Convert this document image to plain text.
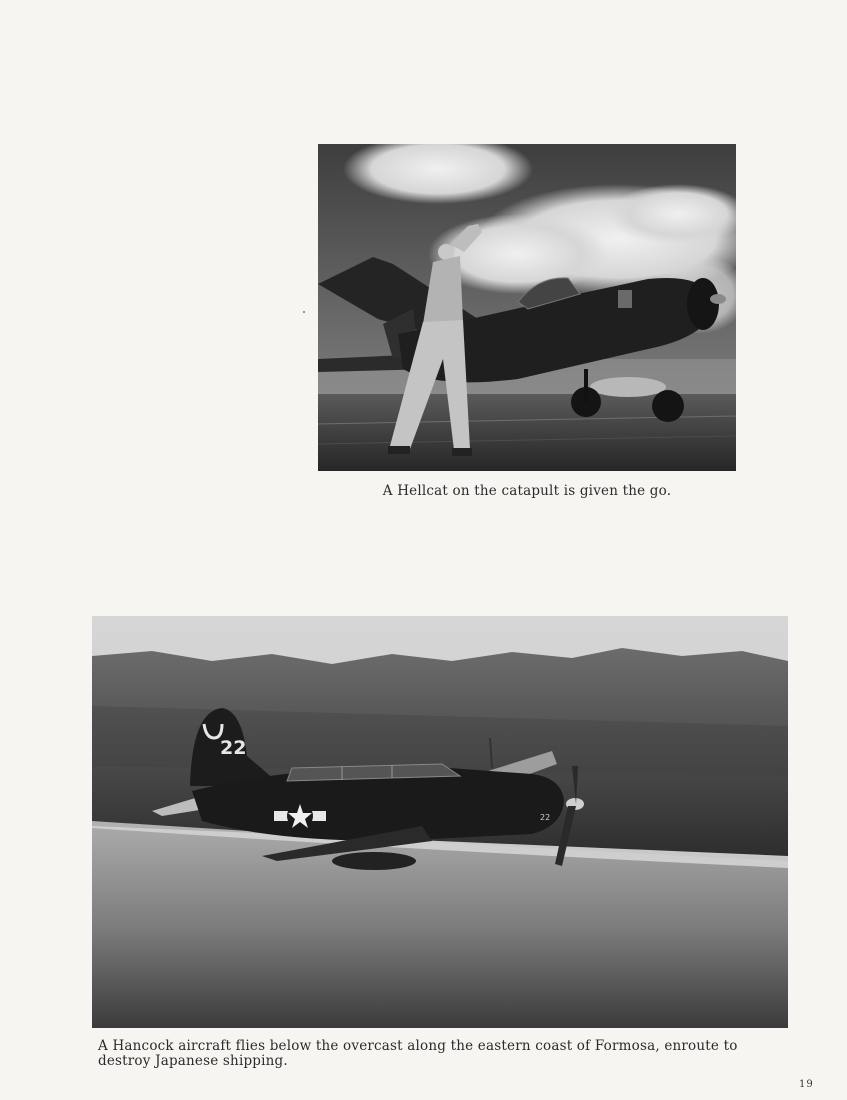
A Hellcat on the catapult is given the go.
22
22
A Hancock aircraft flies below the overcast along the eastern coast of Formosa, enroute to destroy Japanese shipping.
19
